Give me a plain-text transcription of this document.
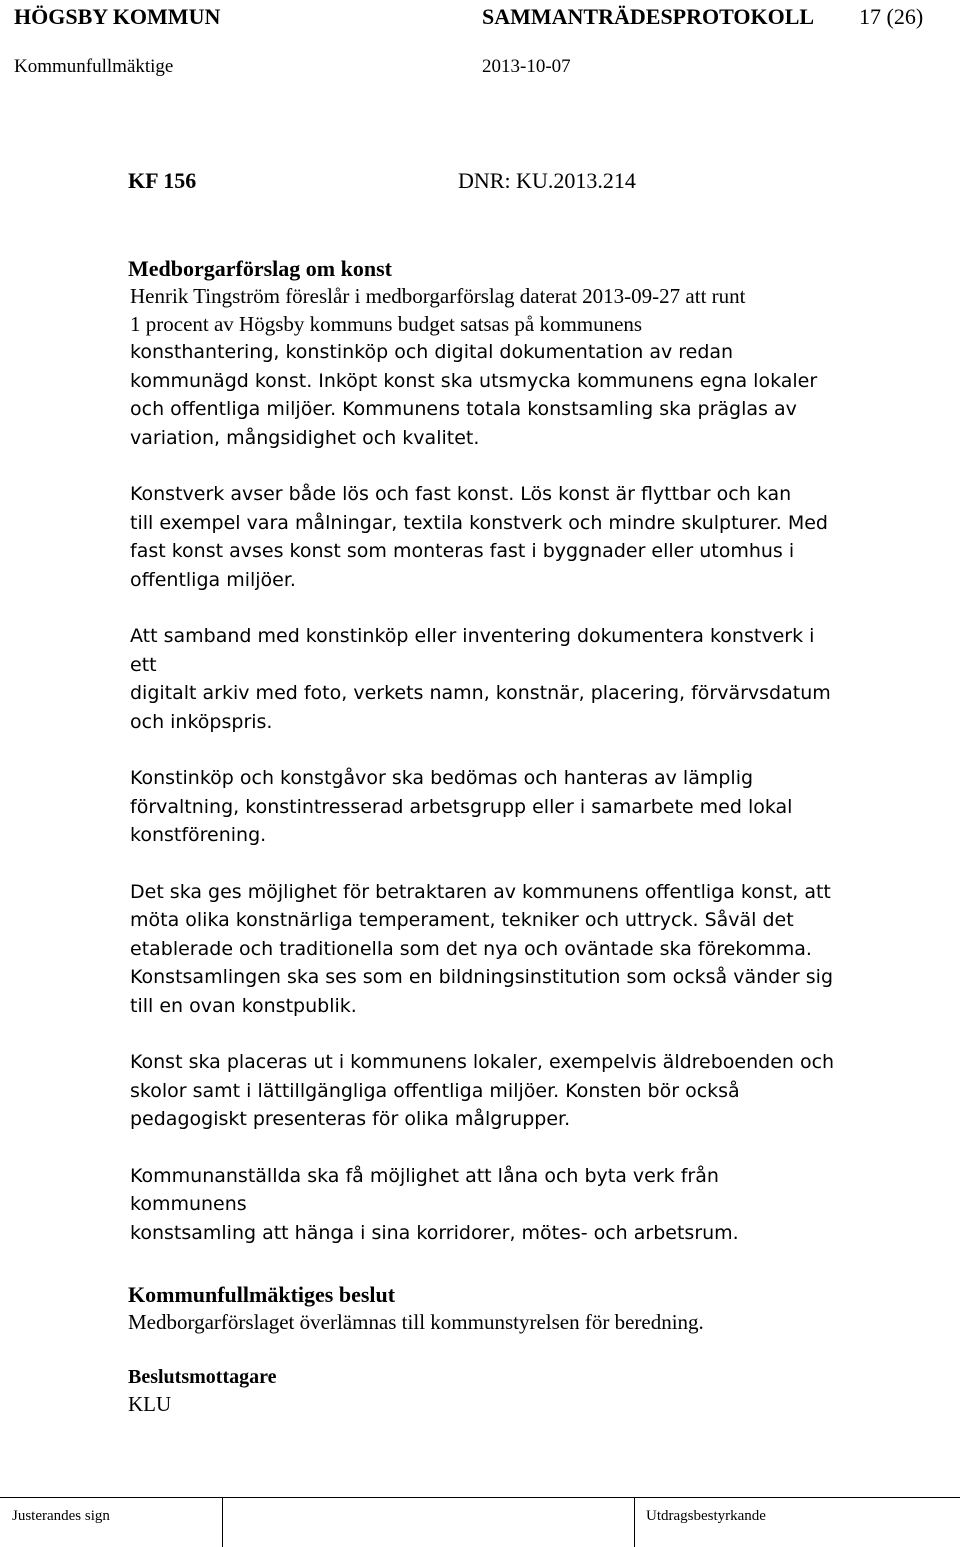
HÖGSBY KOMMUN	SAMMANTRÄDESPROTOKOLL 17 (26)
Kommunfullmäktige	2013-10-07
KF 156	DNR: KU.2013.214
Medborgarförslag om konst
Henrik Tingström föreslår i medborgarförslag daterat 2013-09-27 att runt
1 procent av Högsby kommuns budget satsas på kommunens
konsthantering, konstinköp och digital dokumentation av redan
kommunägd konst. Inköpt konst ska utsmycka kommunens egna lokaler
och offentliga miljöer. Kommunens totala konstsamling ska präglas av
variation, mångsidighet och kvalitet.
Konstverk avser både lös och fast konst. Lös konst är flyttbar och kan
till exempel vara målningar, textila konstverk och mindre skulpturer. Med
fast konst avses konst som monteras fast i byggnader eller utomhus i
offentliga miljöer.
Att samband med konstinköp eller inventering dokumentera konstverk i
ett
digitalt arkiv med foto, verkets namn, konstnär, placering, förvärvsdatum
och inköpspris.
Konstinköp och konstgåvor ska bedömas och hanteras av lämplig
förvaltning, konstintresserad arbetsgrupp eller i samarbete med lokal
konstförening.
Det ska ges möjlighet för betraktaren av kommunens offentliga konst, att
möta olika konstnärliga temperament, tekniker och uttryck. Såväl det
etablerade och traditionella som det nya och oväntade ska förekomma.
Konstsamlingen ska ses som en bildningsinstitution som också vänder sig
till en ovan konstpublik.
Konst ska placeras ut i kommunens lokaler, exempelvis äldreboenden och
skolor samt i lättillgängliga offentliga miljöer. Konsten bör också
pedagogiskt presenteras för olika målgrupper.
Kommunanställda ska få möjlighet att låna och byta verk från
kommunens
konstsamling att hänga i sina korridorer, mötes- och arbetsrum.
Kommunfullmäktiges beslut
Medborgarförslaget överlämnas till kommunstyrelsen för beredning.
Beslutsmottagare
KLU
Justerandes sign	Utdragsbestyrkande
